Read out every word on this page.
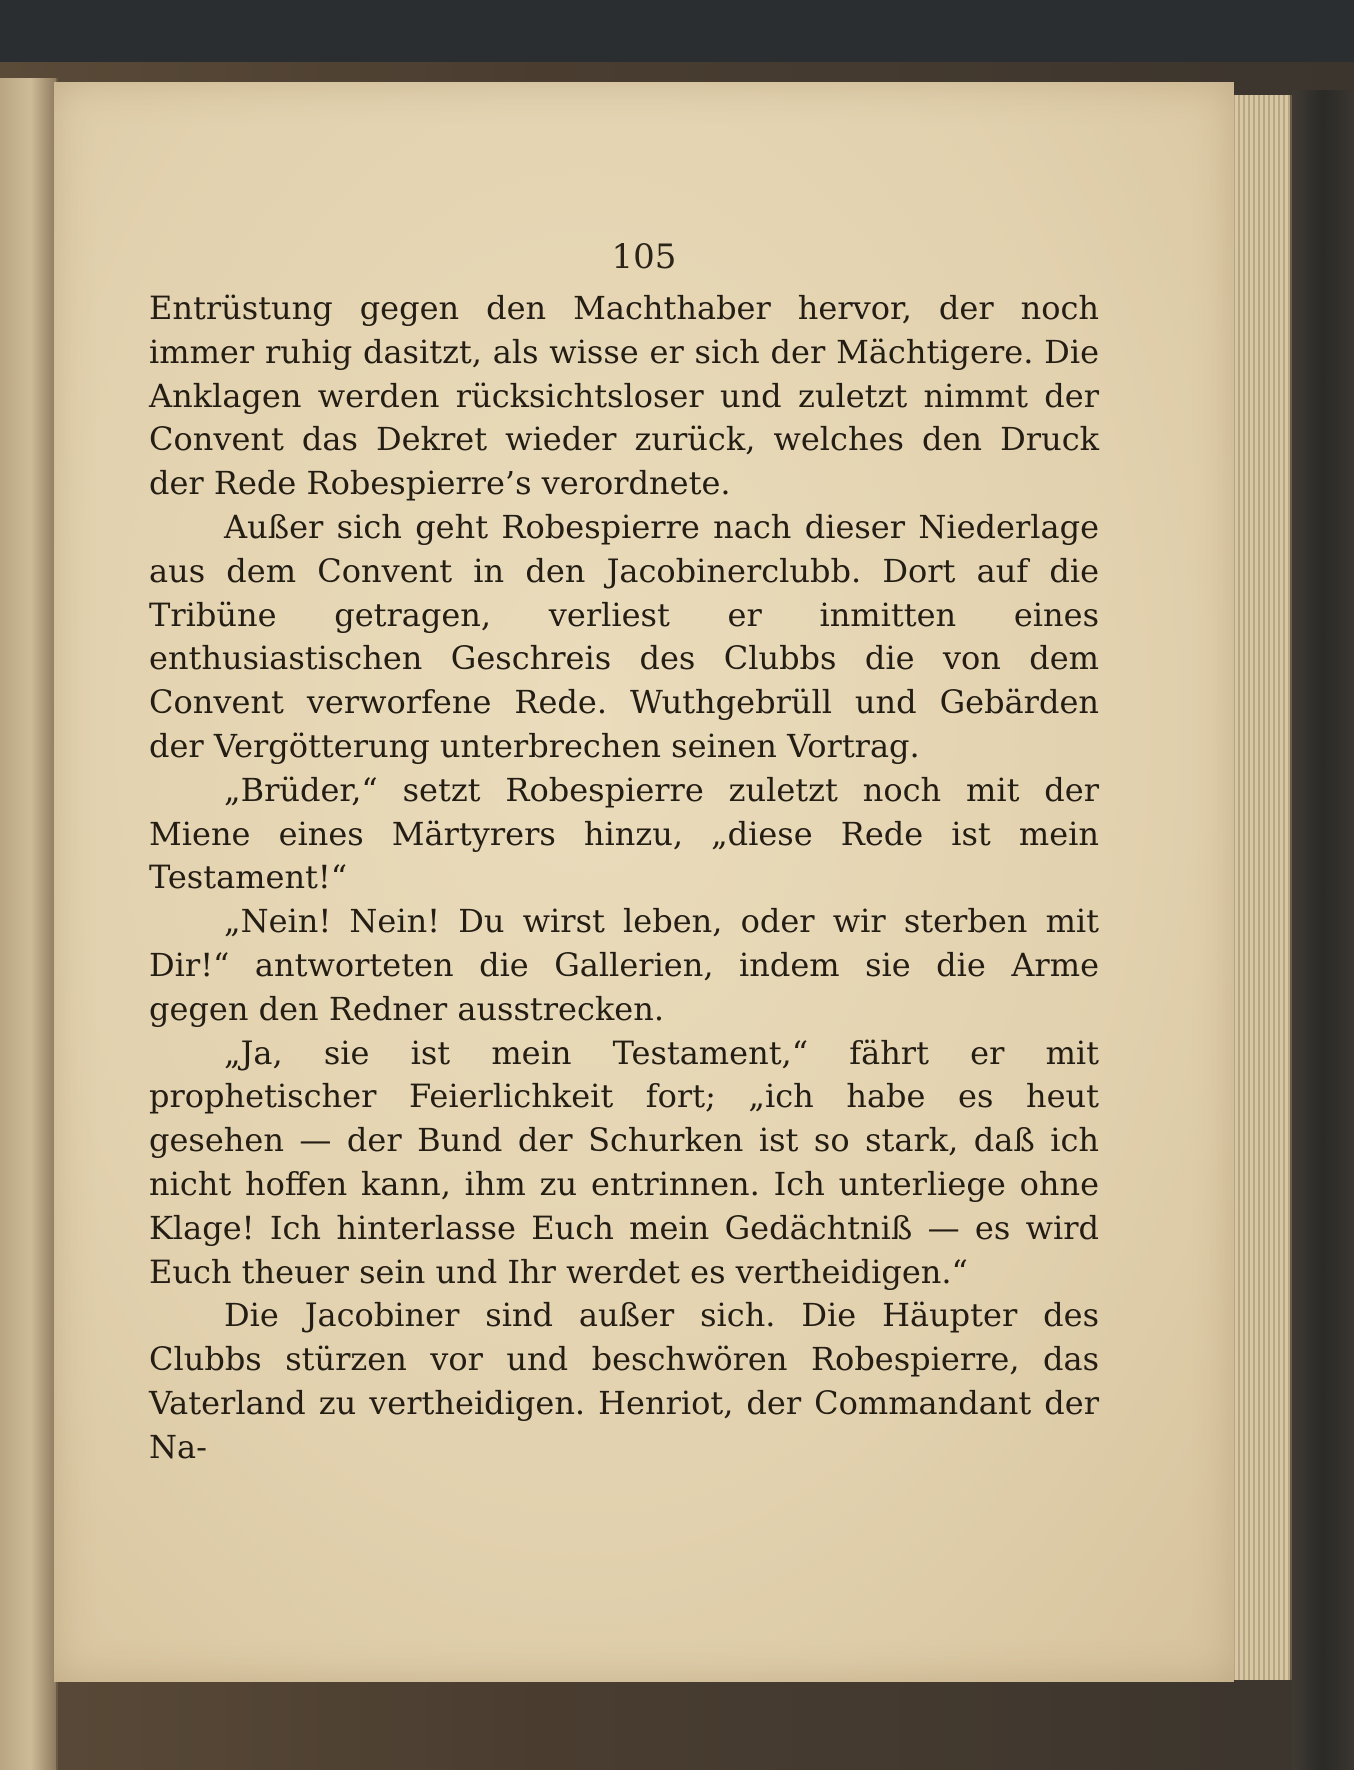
105

Entrüstung gegen den Machthaber hervor, der noch immer ruhig dasitzt, als wisse er sich der Mächtigere. Die Anklagen werden rücksichtsloser und zuletzt nimmt der Convent das Dekret wieder zurück, welches den Druck der Rede Robespierre’s verordnete.

Außer sich geht Robespierre nach dieser Niederlage aus dem Convent in den Jacobinerclubb. Dort auf die Tribüne getragen, verliest er inmitten eines enthusiastischen Geschreis des Clubbs die von dem Convent verworfene Rede. Wuthgebrüll und Gebärden der Vergötterung unterbrechen seinen Vortrag.

„Brüder,“ setzt Robespierre zuletzt noch mit der Miene eines Märtyrers hinzu, „diese Rede ist mein Testament!“

„Nein! Nein! Du wirst leben, oder wir sterben mit Dir!“ antworteten die Gallerien, indem sie die Arme gegen den Redner ausstrecken.

„Ja, sie ist mein Testament,“ fährt er mit prophetischer Feierlichkeit fort; „ich habe es heut gesehen — der Bund der Schurken ist so stark, daß ich nicht hoffen kann, ihm zu entrinnen. Ich unterliege ohne Klage! Ich hinterlasse Euch mein Gedächtniß — es wird Euch theuer sein und Ihr werdet es vertheidigen.“

Die Jacobiner sind außer sich. Die Häupter des Clubbs stürzen vor und beschwören Robespierre, das Vaterland zu vertheidigen. Henriot, der Commandant der Na-
